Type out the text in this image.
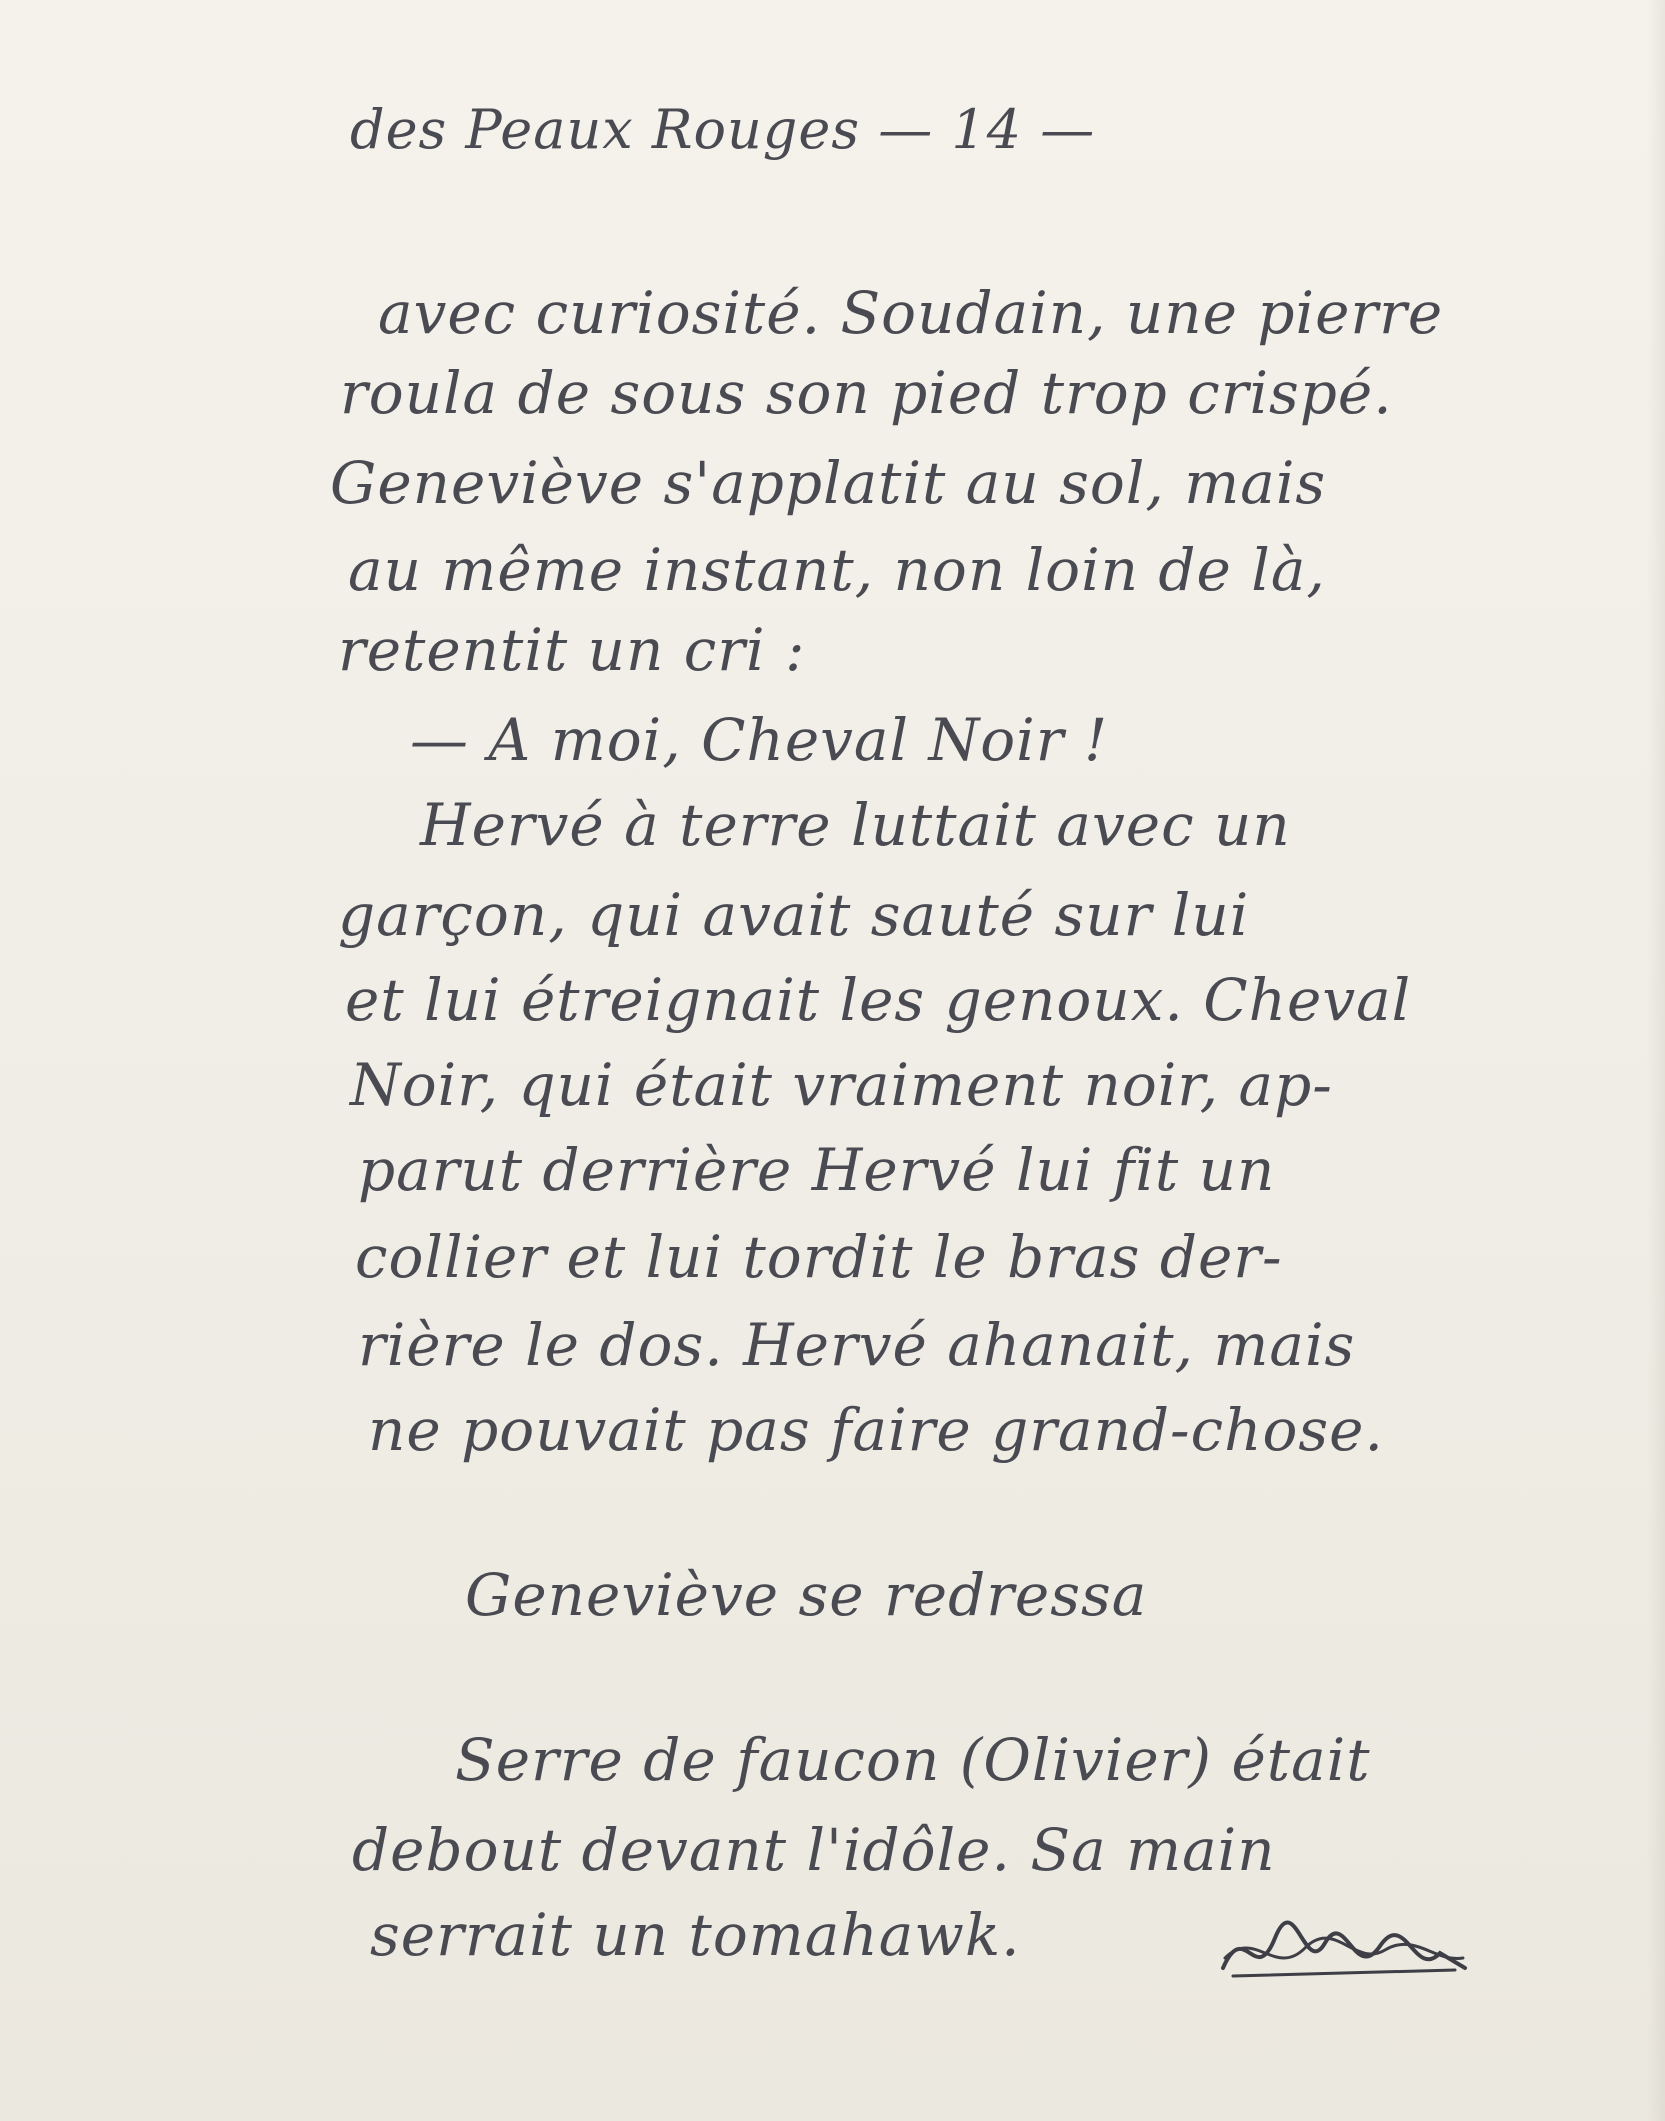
des Peaux Rouges — 14 —
avec curiosité. Soudain, une pierre
roula de sous son pied trop crispé.
Geneviève s'applatit au sol, mais
au même instant, non loin de là,
retentit un cri :
— A moi, Cheval Noir !
Hervé à terre luttait avec un
garçon, qui avait sauté sur lui
et lui étreignait les genoux. Cheval
Noir, qui était vraiment noir, ap-
parut derrière Hervé lui fit un
collier et lui tordit le bras der-
rière le dos. Hervé ahanait, mais
ne pouvait pas faire grand-chose.
Geneviève se redressa
Serre de faucon (Olivier) était
debout devant l'idôle. Sa main
serrait un tomahawk.
